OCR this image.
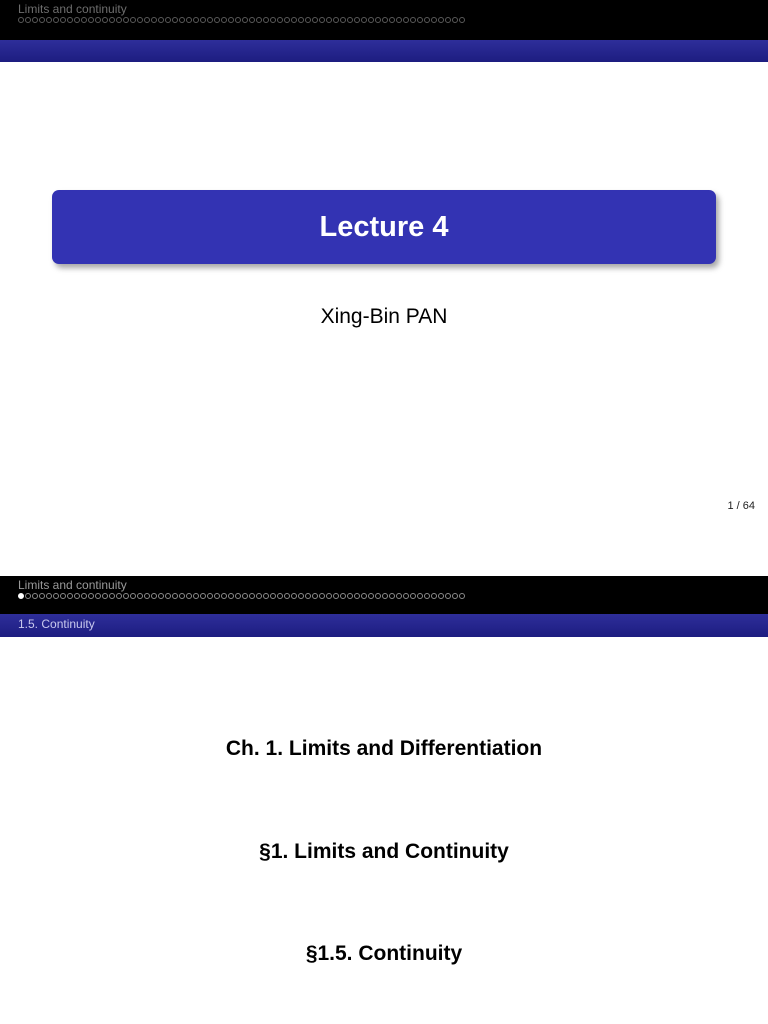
Limits and continuity
Lecture 4
Xing-Bin PAN
1 / 64
Limits and continuity
1.5. Continuity
Ch. 1. Limits and Differentiation
§1. Limits and Continuity
§1.5. Continuity
